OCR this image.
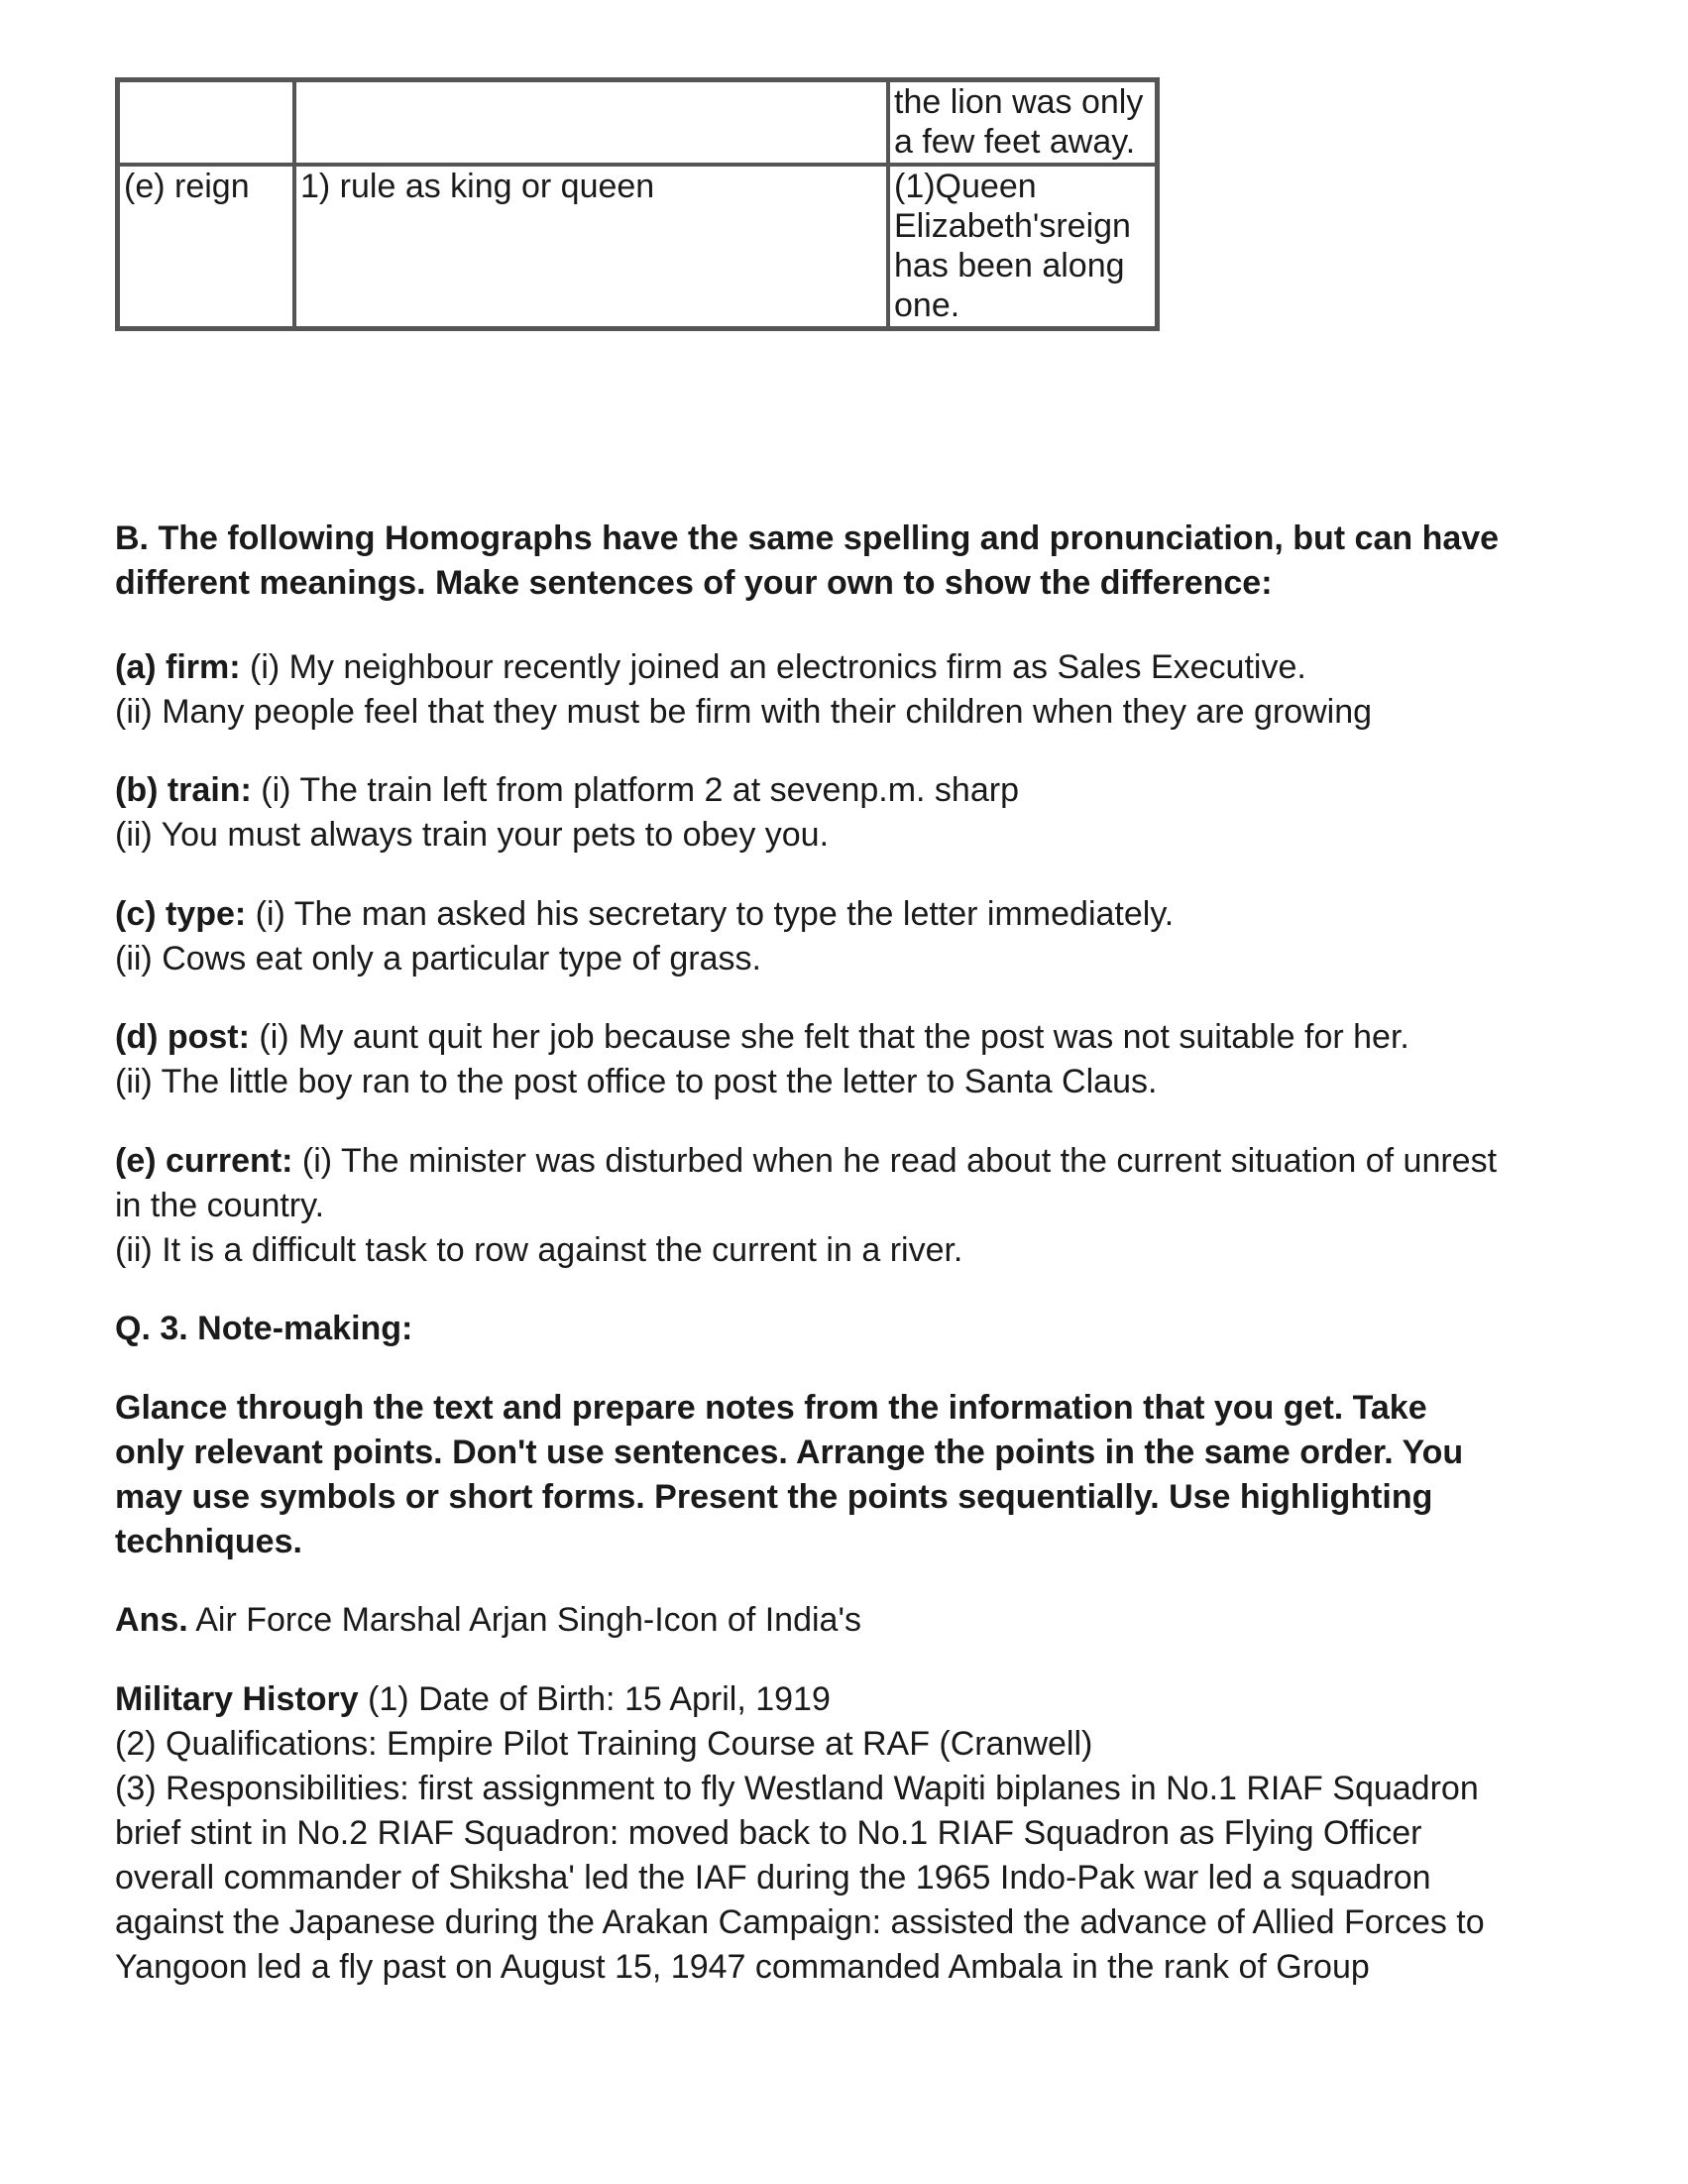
		the lion was only
a few feet away.

(e) reign	1) rule as king or queen	(1)Queen
Elizabeth'sreign
has been along
one.
B. The following Homographs have the same spelling and pronunciation, but can have
different meanings. Make sentences of your own to show the difference:
(a) firm: (i) My neighbour recently joined an electronics firm as Sales Executive.
(ii) Many people feel that they must be firm with their children when they are growing
(b) train: (i) The train left from platform 2 at sevenp.m. sharp
(ii) You must always train your pets to obey you.
(c) type: (i) The man asked his secretary to type the letter immediately.
(ii) Cows eat only a particular type of grass.
(d) post: (i) My aunt quit her job because she felt that the post was not suitable for her.
(ii) The little boy ran to the post office to post the letter to Santa Claus.
(e) current: (i) The minister was disturbed when he read about the current situation of unrest
in the country.
(ii) It is a difficult task to row against the current in a river.
Q. 3. Note-making:
Glance through the text and prepare notes from the information that you get. Take
only relevant points. Don't use sentences. Arrange the points in the same order. You
may use symbols or short forms. Present the points sequentially. Use highlighting
techniques.
Ans. Air Force Marshal Arjan Singh-Icon of India's
Military History (1) Date of Birth: 15 April, 1919
(2) Qualifications: Empire Pilot Training Course at RAF (Cranwell)
(3) Responsibilities: first assignment to fly Westland Wapiti biplanes in No.1 RIAF Squadron
brief stint in No.2 RIAF Squadron: moved back to No.1 RIAF Squadron as Flying Officer
overall commander of Shiksha' led the IAF during the 1965 Indo-Pak war led a squadron
against the Japanese during the Arakan Campaign: assisted the advance of Allied Forces to
Yangoon led a fly past on August 15, 1947 commanded Ambala in the rank of Group
